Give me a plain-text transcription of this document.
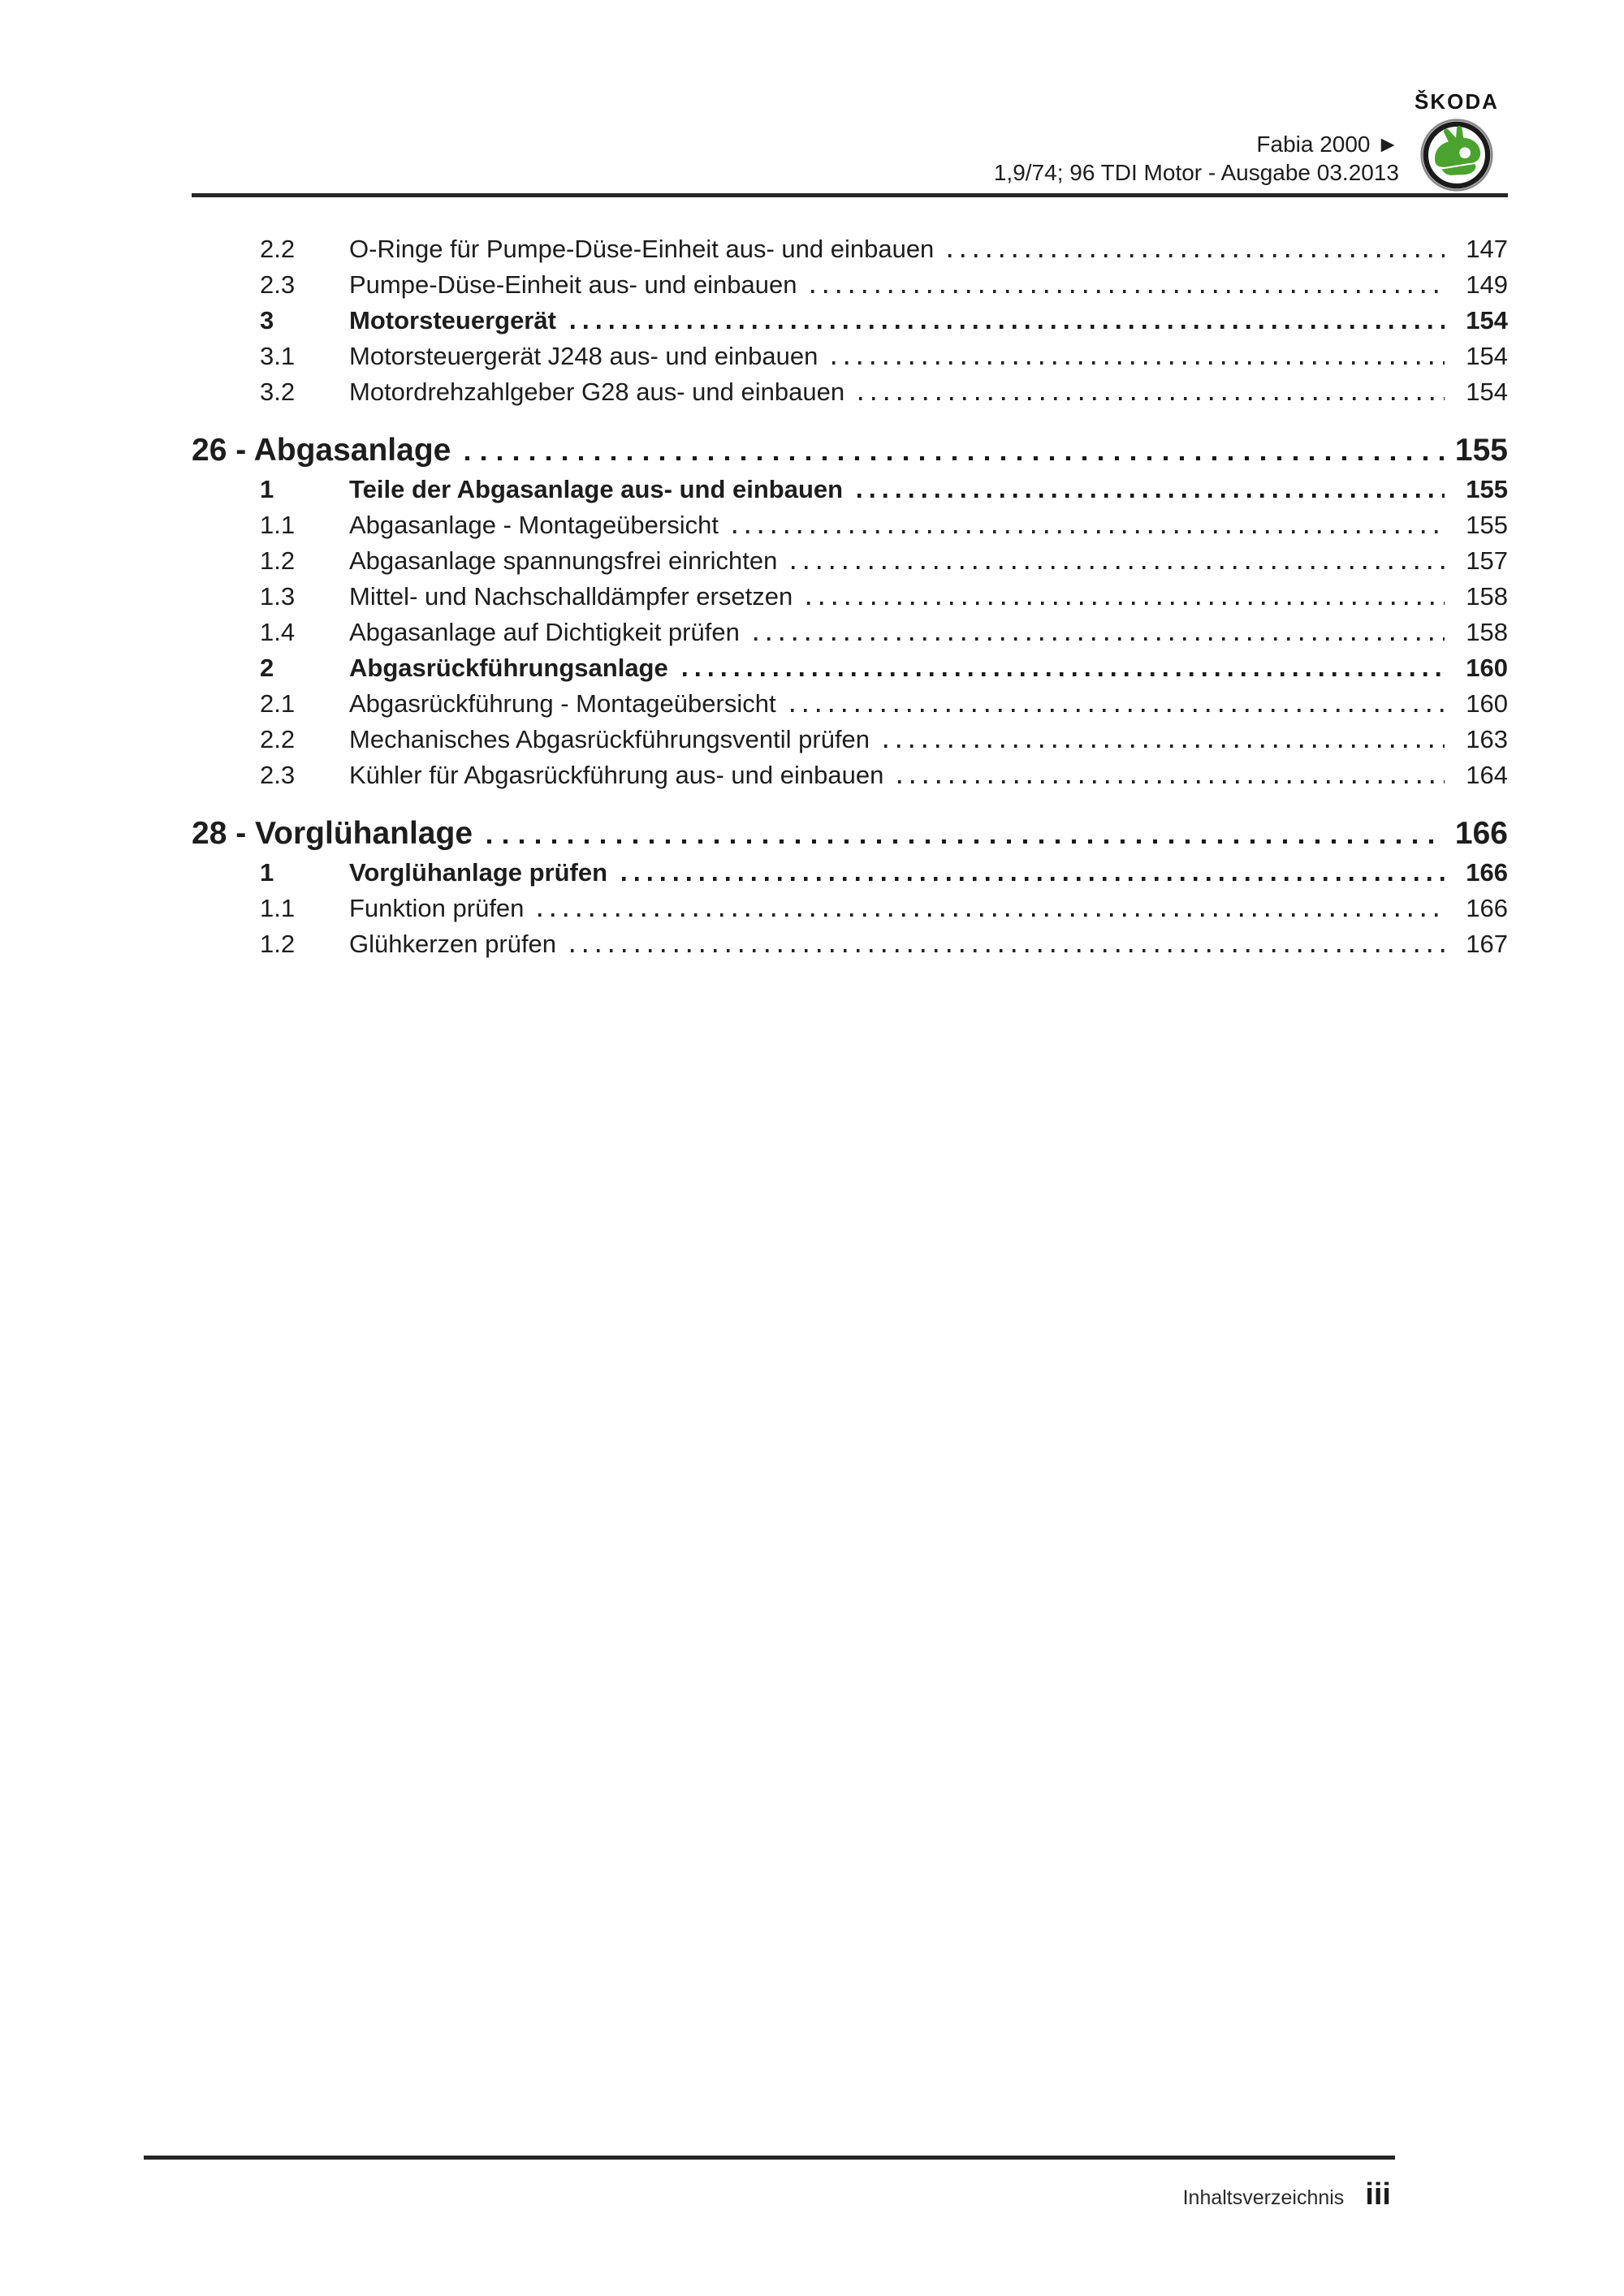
Fabia 2000 ►
1,9/74; 96 TDI Motor - Ausgabe 03.2013
ŠKODA
2.2	O-Ringe für Pumpe-Düse-Einheit aus- und einbauen	147
2.3	Pumpe-Düse-Einheit aus- und einbauen	149
3	Motorsteuergerät	154
3.1	Motorsteuergerät J248 aus- und einbauen	154
3.2	Motordrehzahlgeber G28 aus- und einbauen	154
26 - Abgasanlage	155
1	Teile der Abgasanlage aus- und einbauen	155
1.1	Abgasanlage - Montageübersicht	155
1.2	Abgasanlage spannungsfrei einrichten	157
1.3	Mittel- und Nachschalldämpfer ersetzen	158
1.4	Abgasanlage auf Dichtigkeit prüfen	158
2	Abgasrückführungsanlage	160
2.1	Abgasrückführung - Montageübersicht	160
2.2	Mechanisches Abgasrückführungsventil prüfen	163
2.3	Kühler für Abgasrückführung aus- und einbauen	164
28 - Vorglühanlage	166
1	Vorglühanlage prüfen	166
1.1	Funktion prüfen	166
1.2	Glühkerzen prüfen	167
Inhaltsverzeichnis iii
